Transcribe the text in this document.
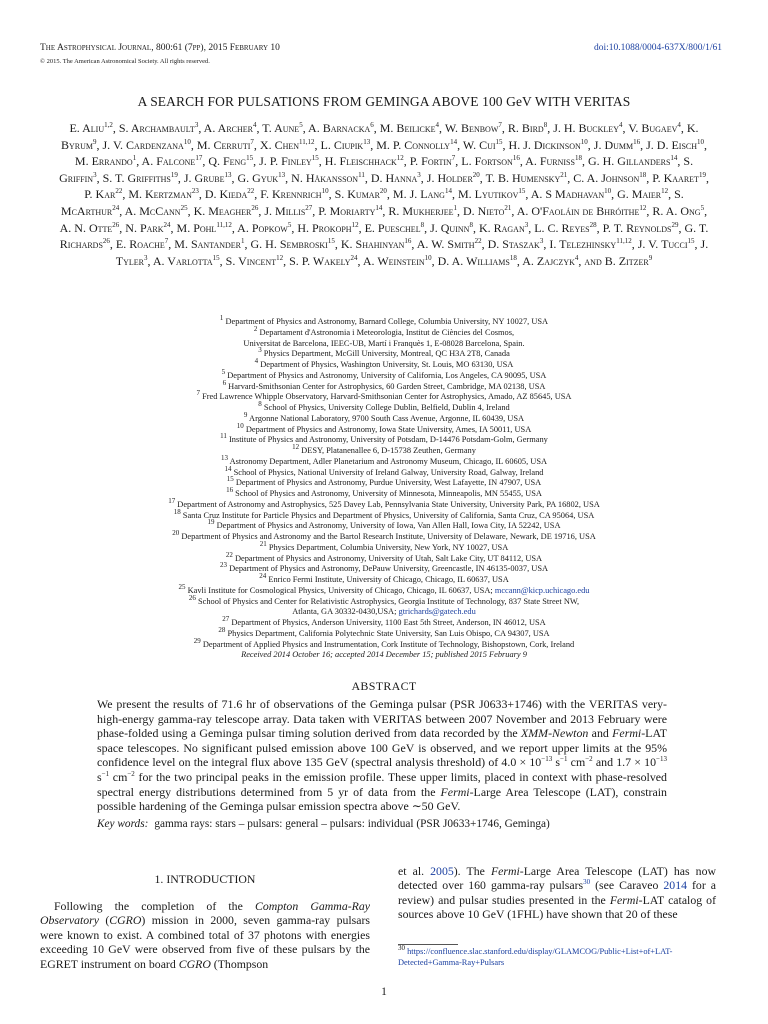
The Astrophysical Journal, 800:61 (7pp), 2015 February 10
© 2015. The American Astronomical Society. All rights reserved.
doi:10.1088/0004-637X/800/1/61
A SEARCH FOR PULSATIONS FROM GEMINGA ABOVE 100 GeV WITH VERITAS
E. Aliu$^{1,2}$, S. Archambault$^3$, A. Archer$^4$, T. Aune$^5$, A. Barnacka$^6$, M. Beilicke$^4$, W. Benbow$^7$, R. Bird$^8$, J. H. Buckley$^4$, V. Bugaev$^4$, K. Byrum$^9$, J. V. Cardenzana$^{10}$, M. Cerruti$^7$, X. Chen$^{11,12}$, L. Ciupik$^{13}$, M. P. Connolly$^{14}$, W. Cui$^{15}$, H. J. Dickinson$^{10}$, J. Dumm$^{16}$, J. D. Eisch$^{10}$, M. Errando$^1$, A. Falcone$^{17}$, Q. Feng$^{15}$, J. P. Finley$^{15}$, H. Fleischhack$^{12}$, P. Fortin$^7$, L. Fortson$^{16}$, A. Furniss$^{18}$, G. H. Gillanders$^{14}$, S. Griffin$^3$, S. T. Griffiths$^{19}$, J. Grube$^{13}$, G. Gyuk$^{13}$, N. Håkansson$^{11}$, D. Hanna$^3$, J. Holder$^{20}$, T. B. Humensky$^{21}$, C. A. Johnson$^{18}$, P. Kaaret$^{19}$, P. Kar$^{22}$, M. Kertzman$^{23}$, D. Kieda$^{22}$, F. Krennrich$^{10}$, S. Kumar$^{20}$, M. J. Lang$^{14}$, M. Lyutikov$^{15}$, A. S Madhavan$^{10}$, G. Maier$^{12}$, S. McArthur$^{24}$, A. McCann$^{25}$, K. Meagher$^{26}$, J. Millis$^{27}$, P. Moriarty$^{14}$, R. Mukherjee$^1$, D. Nieto$^{21}$, A. O'Faoláin de Bhróithe$^{12}$, R. A. Ong$^5$, A. N. Otte$^{26}$, N. Park$^{24}$, M. Pohl$^{11,12}$, A. Popkow$^5$, H. Prokoph$^{12}$, E. Pueschel$^8$, J. Quinn$^8$, K. Ragan$^3$, L. C. Reyes$^{28}$, P. T. Reynolds$^{29}$, G. T. Richards$^{26}$, E. Roache$^7$, M. Santander$^1$, G. H. Sembroski$^{15}$, K. Shahinyan$^{16}$, A. W. Smith$^{22}$, D. Staszak$^3$, I. Telezhinsky$^{11,12}$, J. V. Tucci$^{15}$, J. Tyler$^3$, A. Varlotta$^{15}$, S. Vincent$^{12}$, S. P. Wakely$^{24}$, A. Weinstein$^{10}$, D. A. Williams$^{18}$, A. Zajczyk$^4$, and B. Zitzer$^9$
$^1$ Department of Physics and Astronomy, Barnard College, Columbia University, NY 10027, USA
$^2$ Departament d'Astronomia i Meteorologia, Institut de Ciències del Cosmos,
Universitat de Barcelona, IEEC-UB, Martí i Franquès 1, E-08028 Barcelona, Spain.
$^3$ Physics Department, McGill University, Montreal, QC H3A 2T8, Canada
$^4$ Department of Physics, Washington University, St. Louis, MO 63130, USA
$^5$ Department of Physics and Astronomy, University of California, Los Angeles, CA 90095, USA
$^6$ Harvard-Smithsonian Center for Astrophysics, 60 Garden Street, Cambridge, MA 02138, USA
$^7$ Fred Lawrence Whipple Observatory, Harvard-Smithsonian Center for Astrophysics, Amado, AZ 85645, USA
$^8$ School of Physics, University College Dublin, Belfield, Dublin 4, Ireland
$^9$ Argonne National Laboratory, 9700 South Cass Avenue, Argonne, IL 60439, USA
$^{10}$ Department of Physics and Astronomy, Iowa State University, Ames, IA 50011, USA
$^{11}$ Institute of Physics and Astronomy, University of Potsdam, D-14476 Potsdam-Golm, Germany
$^{12}$ DESY, Platanenallee 6, D-15738 Zeuthen, Germany
$^{13}$ Astronomy Department, Adler Planetarium and Astronomy Museum, Chicago, IL 60605, USA
$^{14}$ School of Physics, National University of Ireland Galway, University Road, Galway, Ireland
$^{15}$ Department of Physics and Astronomy, Purdue University, West Lafayette, IN 47907, USA
$^{16}$ School of Physics and Astronomy, University of Minnesota, Minneapolis, MN 55455, USA
$^{17}$ Department of Astronomy and Astrophysics, 525 Davey Lab, Pennsylvania State University, University Park, PA 16802, USA
$^{18}$ Santa Cruz Institute for Particle Physics and Department of Physics, University of California, Santa Cruz, CA 95064, USA
$^{19}$ Department of Physics and Astronomy, University of Iowa, Van Allen Hall, Iowa City, IA 52242, USA
$^{20}$ Department of Physics and Astronomy and the Bartol Research Institute, University of Delaware, Newark, DE 19716, USA
$^{21}$ Physics Department, Columbia University, New York, NY 10027, USA
$^{22}$ Department of Physics and Astronomy, University of Utah, Salt Lake City, UT 84112, USA
$^{23}$ Department of Physics and Astronomy, DePauw University, Greencastle, IN 46135-0037, USA
$^{24}$ Enrico Fermi Institute, University of Chicago, Chicago, IL 60637, USA
$^{25}$ Kavli Institute for Cosmological Physics, University of Chicago, Chicago, IL 60637, USA; mccann@kicp.uchicago.edu
$^{26}$ School of Physics and Center for Relativistic Astrophysics, Georgia Institute of Technology, 837 State Street NW,
Atlanta, GA 30332-0430,USA; gtrichards@gatech.edu
$^{27}$ Department of Physics, Anderson University, 1100 East 5th Street, Anderson, IN 46012, USA
$^{28}$ Physics Department, California Polytechnic State University, San Luis Obispo, CA 94307, USA
$^{29}$ Department of Applied Physics and Instrumentation, Cork Institute of Technology, Bishopstown, Cork, Ireland
Received 2014 October 16; accepted 2014 December 15; published 2015 February 9
ABSTRACT
We present the results of 71.6 hr of observations of the Geminga pulsar (PSR J0633+1746) with the VERITAS very-high-energy gamma-ray telescope array. Data taken with VERITAS between 2007 November and 2013 February were phase-folded using a Geminga pulsar timing solution derived from data recorded by the XMM-Newton and Fermi-LAT space telescopes. No significant pulsed emission above 100 GeV is observed, and we report upper limits at the 95% confidence level on the integral flux above 135 GeV (spectral analysis threshold) of $4.0 \times 10^{-13}$ $s^{-1}$ $cm^{-2}$ and $1.7 \times 10^{-13}$ $s^{-1}$ $cm^{-2}$ for the two principal peaks in the emission profile. These upper limits, placed in context with phase-resolved spectral energy distributions determined from 5 yr of data from the Fermi-Large Area Telescope (LAT), constrain possible hardening of the Geminga pulsar emission spectra above ∼50 GeV.
Key words: gamma rays: stars – pulsars: general – pulsars: individual (PSR J0633+1746, Geminga)
1. INTRODUCTION
Following the completion of the Compton Gamma-Ray Observatory (CGRO) mission in 2000, seven gamma-ray pulsars were known to exist. A combined total of 37 photons with energies exceeding 10 GeV were observed from five of these pulsars by the EGRET instrument on board CGRO (Thompson
et al. 2005). The Fermi-Large Area Telescope (LAT) has now detected over 160 gamma-ray pulsars$^{30}$ (see Caraveo 2014 for a review) and pulsar studies presented in the Fermi-LAT catalog of sources above 10 GeV (1FHL) have shown that 20 of these
$^{30}$ https://confluence.slac.stanford.edu/display/GLAMCOG/Public+List+of+LAT-Detected+Gamma-Ray+Pulsars
1
